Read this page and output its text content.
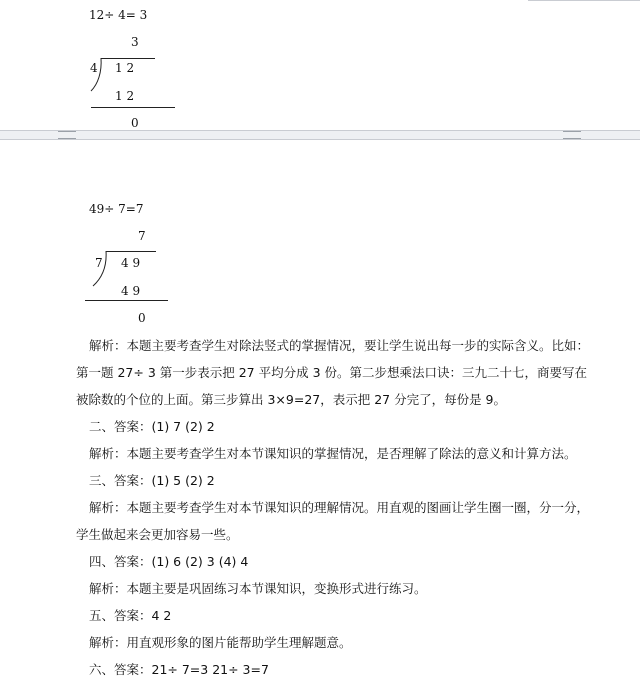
12÷ 4= 3
3
4 1 2
1 2
0
49÷ 7=7
7
7 4 9
4 9
0

解析：本题主要考查学生对除法竖式的掌握情况，要让学生说出每一步的实际含义。比如：

第一题 27÷ 3 第一步表示把 27 平均分成 3 份。第二步想乘法口诀：三九二十七，商要写在

被除数的个位的上面。第三步算出 3×9=27，表示把 27 分完了，每份是 9。

二、答案：(1) 7 (2) 2

解析：本题主要考查学生对本节课知识的掌握情况，是否理解了除法的意义和计算方法。

三、答案：(1) 5 (2) 2

解析：本题主要考查学生对本节课知识的理解情况。用直观的图画让学生圈一圈，分一分，

学生做起来会更加容易一些。

四、答案：(1) 6 (2) 3 (4) 4

解析：本题主要是巩固练习本节课知识，变换形式进行练习。

五、答案：4 2

解析：用直观形象的图片能帮助学生理解题意。

六、答案：21÷ 7=3 21÷ 3=7
